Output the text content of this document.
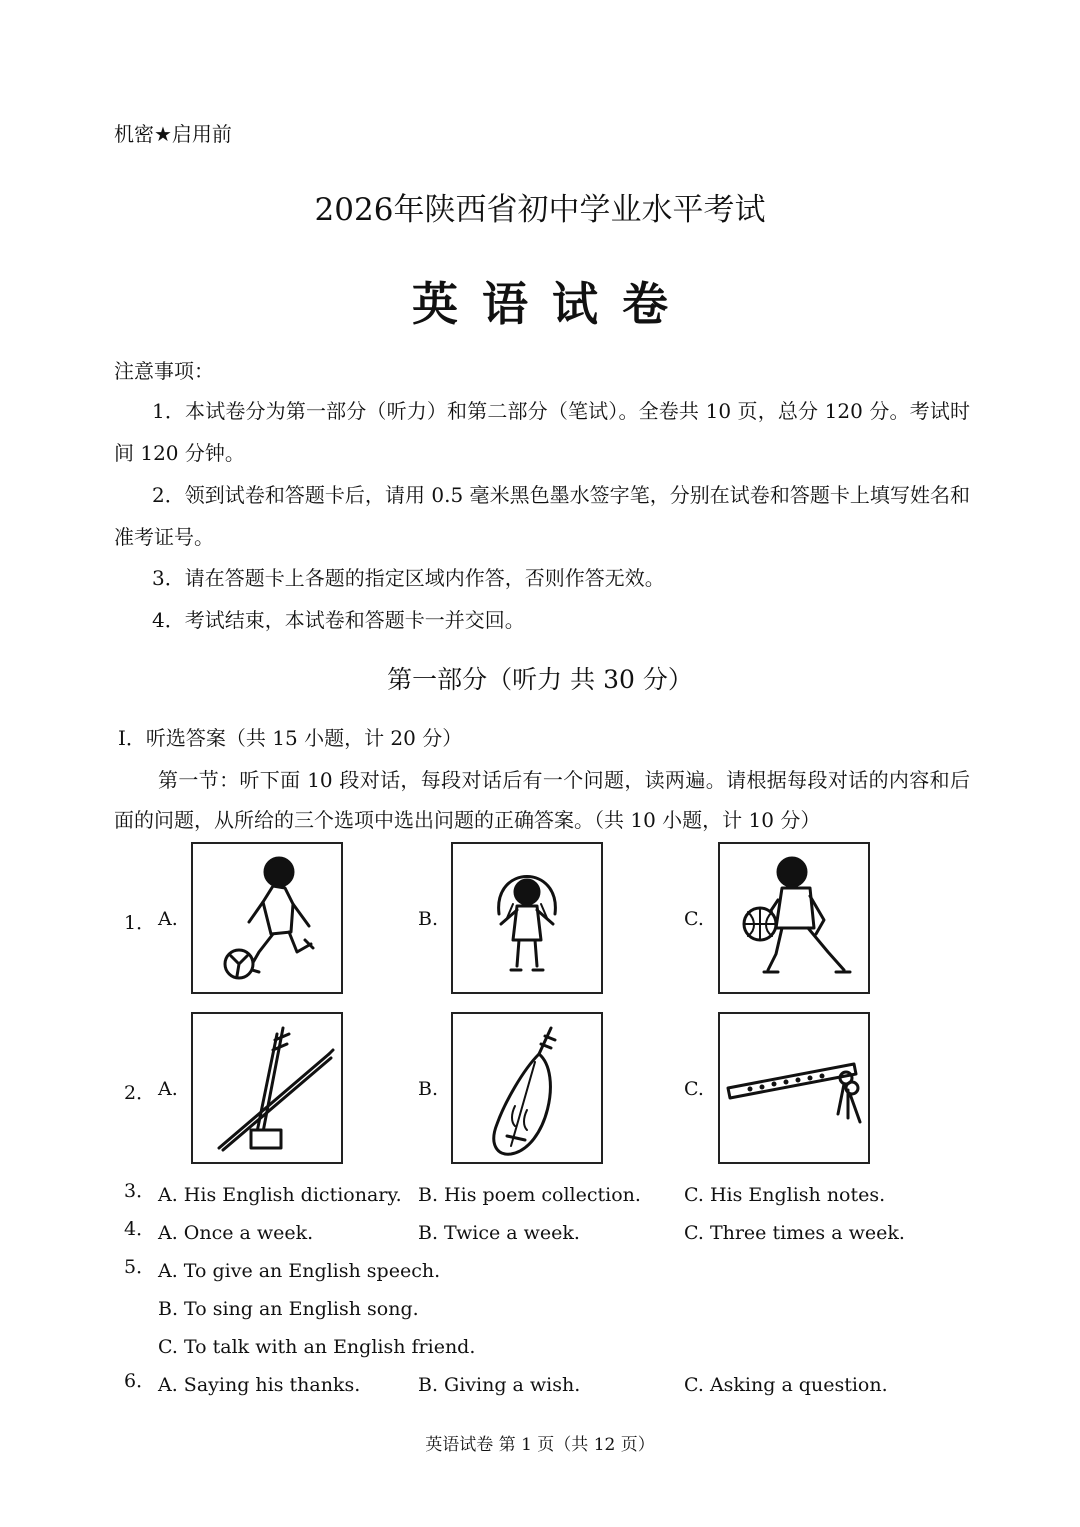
机密★启用前
2026年陕西省初中学业水平考试
英语试卷
注意事项：
1．本试卷分为第一部分（听力）和第二部分（笔试）。全卷共 10 页，总分 120 分。考试时间 120 分钟。
2．领到试卷和答题卡后，请用 0.5 毫米黑色墨水签字笔，分别在试卷和答题卡上填写姓名和准考证号。
3．请在答题卡上各题的指定区域内作答，否则作答无效。
4．考试结束，本试卷和答题卡一并交回。
第一部分（听力 共 30 分）
Ⅰ．听选答案（共 15 小题，计 20 分）
第一节：听下面 10 段对话，每段对话后有一个问题，读两遍。请根据每段对话的内容和后面的问题，从所给的三个选项中选出问题的正确答案。（共 10 小题，计 10 分）
1． A.	B.	C.
2． A.	B.	C.
3． A. His English dictionary. B. His poem collection. C. His English notes.
4． A. Once a week.	B. Twice a week.	C. Three times a week.
5． A. To give an English speech.
B. To sing an English song.
C. To talk with an English friend.
6． A. Saying his thanks.	B. Giving a wish.	C. Asking a question.
英语试卷 第 1 页（共 12 页）
